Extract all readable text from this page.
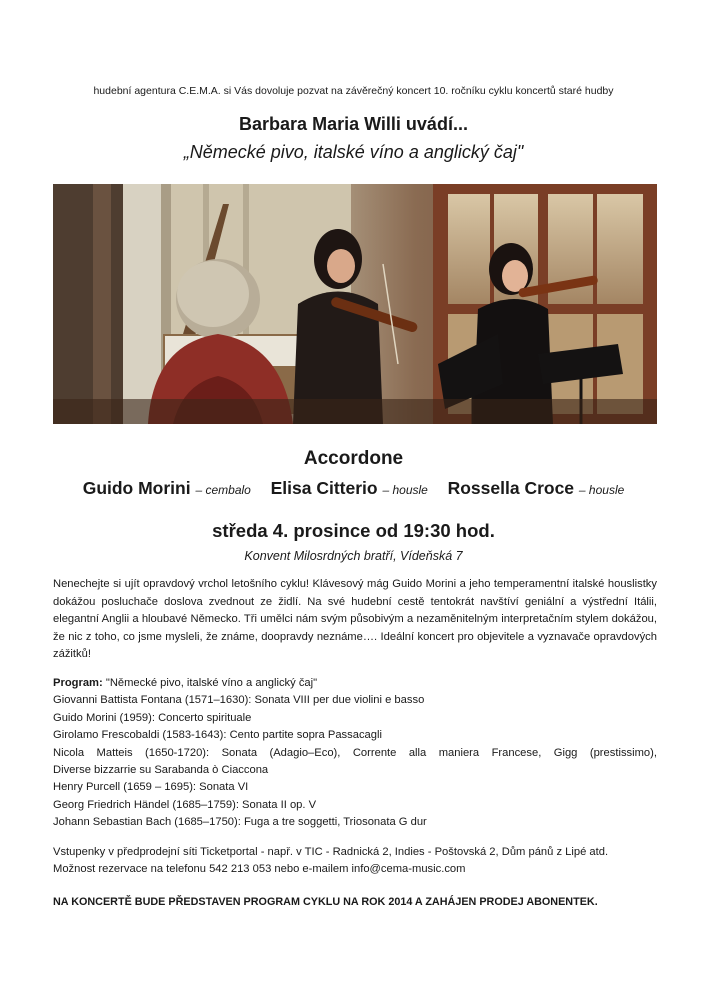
hudební agentura C.E.M.A. si Vás dovoluje pozvat na závěrečný koncert 10. ročníku cyklu koncertů staré hudby
Barbara Maria Willi uvádí...
„Německé pivo, italské víno a anglický čaj"
Accordone
Guido Morini – cembalo Elisa Citterio – housle Rossella Croce – housle
středa 4. prosince od 19:30 hod.
Konvent Milosrdných bratří, Vídeňská 7
Nenechejte si ujít opravdový vrchol letošního cyklu! Klávesový mág Guido Morini a jeho temperamentní italské houslistky dokážou posluchače doslova zvednout ze židlí. Na své hudební cestě tentokrát navštíví geniální a výstřední Itálii, elegantní Anglii a hloubavé Německo. Tři umělci nám svým působivým a nezaměnitelným interpretačním stylem dokážou, že nic z toho, co jsme mysleli, že známe, doopravdy neznáme…. Ideální koncert pro objevitele a vyznavače opravdových zážitků!
Program: "Německé pivo, italské víno a anglický čaj"
Giovanni Battista Fontana (1571–1630): Sonata VIII per due violini e basso
Guido Morini (1959): Concerto spirituale
Girolamo Frescobaldi (1583-1643): Cento partite sopra Passacagli
Nicola Matteis (1650-1720): Sonata (Adagio–Eco), Corrente alla maniera Francese, Gigg (prestissimo),
Diverse bizzarrie su Sarabanda ò Ciaccona
Henry Purcell (1659 – 1695): Sonata VI
Georg Friedrich Händel (1685–1759): Sonata II op. V
Johann Sebastian Bach (1685–1750): Fuga a tre soggetti, Triosonata G dur
Vstupenky v předprodejní síti Ticketportal - např. v TIC - Radnická 2, Indies - Poštovská 2, Dům pánů z Lipé atd.
Možnost rezervace na telefonu 542 213 053 nebo e-mailem info@cema-music.com
NA KONCERTĚ BUDE PŘEDSTAVEN PROGRAM CYKLU NA ROK 2014 A ZAHÁJEN PRODEJ ABONENTEK.
